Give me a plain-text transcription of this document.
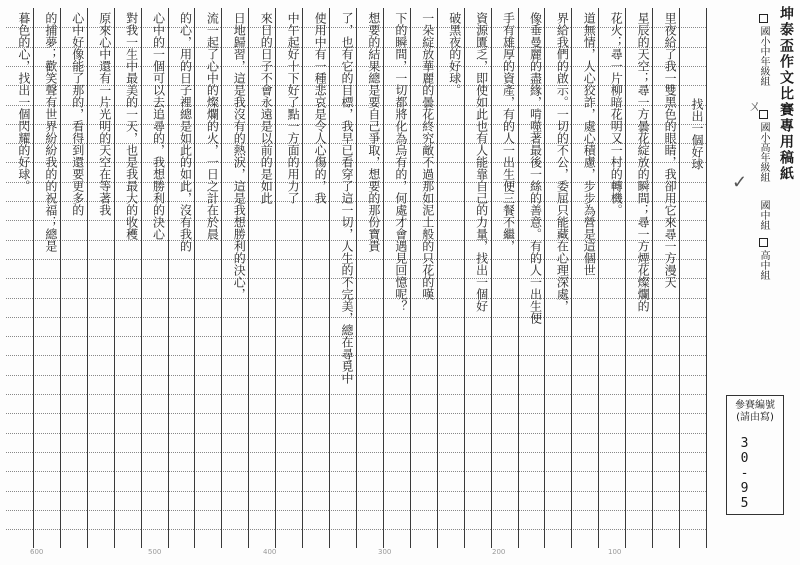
找出一個好球
里夜給了我一雙黑色的眼睛，我卻用它來尋一方漫天
星辰的天空；尋一方曇花綻放的瞬間；尋一方煙花燦爛的
花火；尋一片柳暗花明又一村的轉機。
道無情，人心狡詐，處心積慮，步步為營是這個世
界給我們的啟示。一切的不公，委屈只能藏在心理深處，
像垂曼麗的盡緣，啃噬著最後一絲的善意。有的人一出生便
手有雄厚的資產，有的人一出生便三餐不繼，
資源匱乏，即使如此也有人能靠自己的力量，找出一個好
破黑夜的好球。
一朵綻放華麗的曇花終究敵不過那如泥土般的只花的嘆
下的瞬間，一切都將化為烏有的，何處才會遇見回憶呢？
想要的結果總是要自己爭取，想要的那份寶貴
了，也有它的目標，我早已看穿了這一切，人生的不完美，總在尋覓中
使用中有一種悲哀是令人心傷的，我
中午起好十下好了點一方面的用力了
來日的日子不會永遠是以前的是如此
日地歸習，這是我沒有的熱淚，這是我想勝利的決心，
流一起了心中的燦爛的火，一日之計在於晨
的心，用的日子裡總是如此的如此，沒有我的
心中的一個可以去追尋的，我想勝利的決心
對我一生中最美的一天，也是我最大的收穫
原來心中還有一片光明的天空在等著我
心中好像能了那的，看得到還要更多的
的捕夢；歡笑聲有世界紛紛我的的祝福；總是
暮色的心，找出一個閃耀的好球。	坤泰盃作文比賽專用稿紙
國小中年級組
國小高年級組
國中組
高中組
✓
ㄨ
參賽編號
(請由寫)
30-95
600	500	400	300	200	100
